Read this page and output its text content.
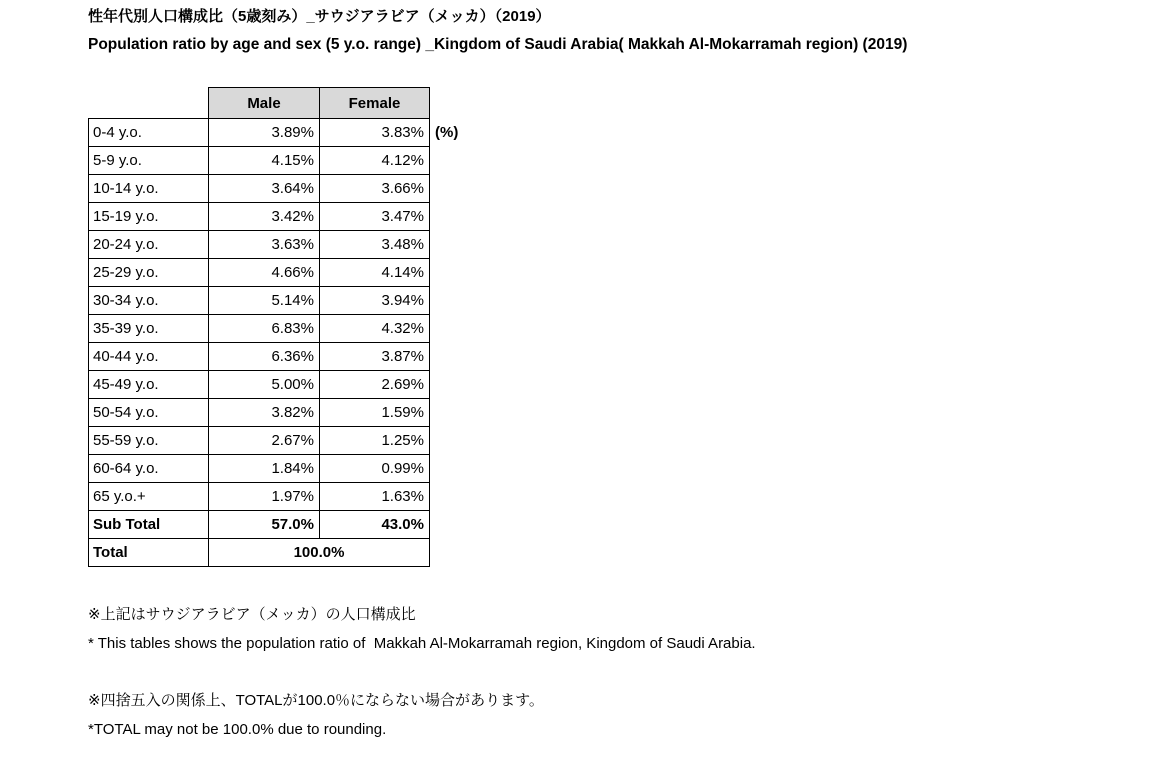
性年代別人口構成比（5歳刻み）_サウジアラビア（メッカ）（2019）
Population ratio by age and sex (5 y.o. range) _Kingdom of Saudi Arabia( Makkah Al-Mokarramah region) (2019)
	Male	Female	
0-4 y.o.	3.89%	3.83%	(%)
5-9 y.o.	4.15%	4.12%	
10-14 y.o.	3.64%	3.66%	
15-19 y.o.	3.42%	3.47%	
20-24 y.o.	3.63%	3.48%	
25-29 y.o.	4.66%	4.14%	
30-34 y.o.	5.14%	3.94%	
35-39 y.o.	6.83%	4.32%	
40-44 y.o.	6.36%	3.87%	
45-49 y.o.	5.00%	2.69%	
50-54 y.o.	3.82%	1.59%	
55-59 y.o.	2.67%	1.25%	
60-64 y.o.	1.84%	0.99%	
65 y.o.+	1.97%	1.63%	
Sub Total	57.0%	43.0%	
Total	100.0%		
※上記はサウジアラビア（メッカ）の人口構成比
* This tables shows the population ratio of  Makkah Al-Mokarramah region, Kingdom of Saudi Arabia.
※四捨五入の関係上、TOTALが100.0％にならない場合があります。
*TOTAL may not be 100.0% due to rounding.
